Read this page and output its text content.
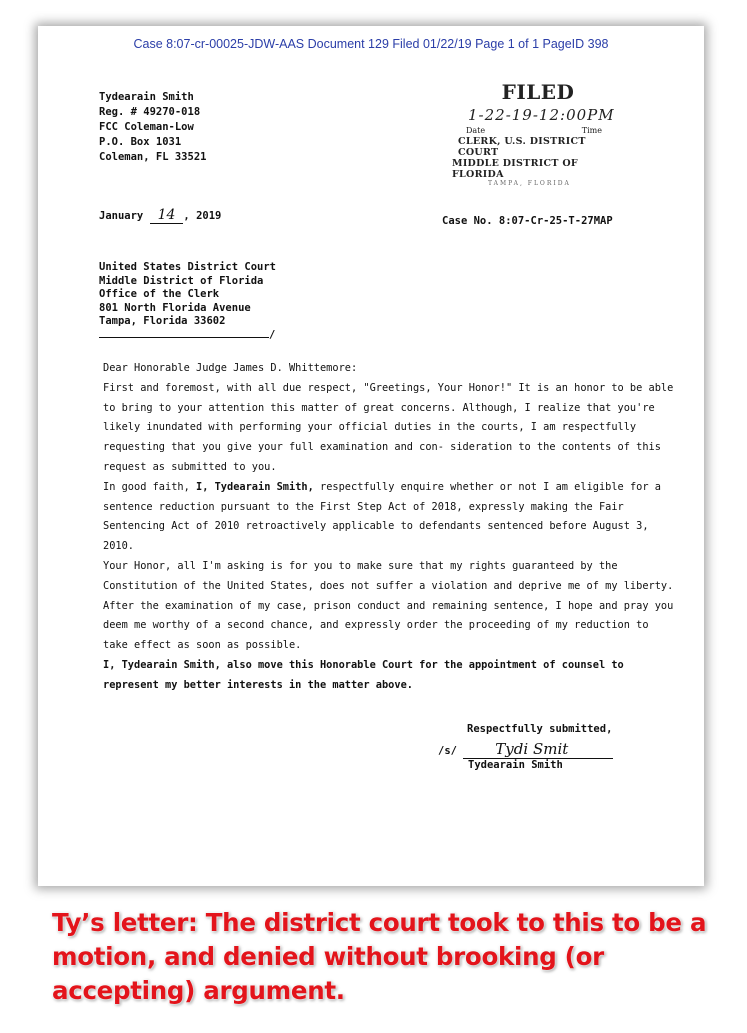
Case 8:07-cr-00025-JDW-AAS Document 129 Filed 01/22/19 Page 1 of 1 PageID 398
Tydearain Smith
Reg. # 49270-018
FCC Coleman-Low
P.O. Box 1031
Coleman, FL 33521
FILED
1-22-19-12:00PM
Date	Time
CLERK, U.S. DISTRICT COURT
MIDDLE DISTRICT OF FLORIDA
TAMPA, FLORIDA
January 14 , 2019	Case No. 8:07-Cr-25-T-27MAP
United States District Court
Middle District of Florida
Office of the Clerk
801 North Florida Avenue
Tampa, Florida 33602
/

Dear Honorable Judge James D. Whittemore:

First and foremost, with all due respect, "Greetings, Your Honor!" It is an honor to be able to bring to your attention this matter of great concerns. Although, I realize that you're likely inundated with performing your official duties in the courts, I am respectfully requesting that you give your full examination and con- sideration to the contents of this request as submitted to you.

In good faith, I, Tydearain Smith, respectfully enquire whether or not I am eligible for a sentence reduction pursuant to the First Step Act of 2018, expressly making the Fair Sentencing Act of 2010 retroactively applicable to defendants sentenced before August 3, 2010.

Your Honor, all I'm asking is for you to make sure that my rights guaranteed by the Constitution of the United States, does not suffer a violation and deprive me of my liberty. After the examination of my case, prison conduct and remaining sentence, I hope and pray you deem me worthy of a second chance, and expressly order the proceeding of my reduction to take effect as soon as possible.

I, Tydearain Smith, also move this Honorable Court for the appointment of counsel to represent my better interests in the matter above.

Respectfully submitted,
/s/	Tydi Smit
Tydearain Smith
Ty’s letter: The district court took to this to be a motion, and denied without brooking (or accepting) argument.
